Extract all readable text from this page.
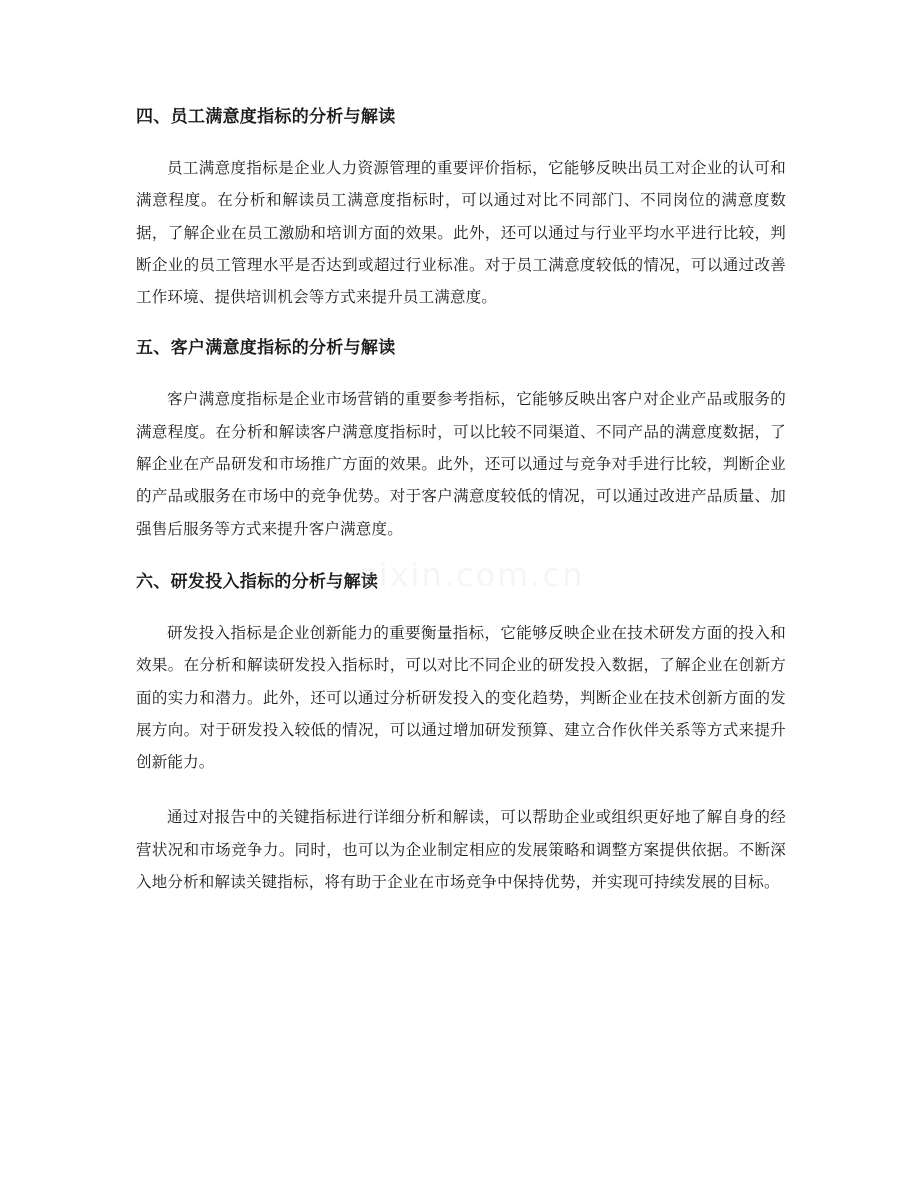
四、员工满意度指标的分析与解读

员工满意度指标是企业人力资源管理的重要评价指标，它能够反映出员工对企业的认可和满意程度。在分析和解读员工满意度指标时，可以通过对比不同部门、不同岗位的满意度数据，了解企业在员工激励和培训方面的效果。此外，还可以通过与行业平均水平进行比较，判断企业的员工管理水平是否达到或超过行业标准。对于员工满意度较低的情况，可以通过改善工作环境、提供培训机会等方式来提升员工满意度。

五、客户满意度指标的分析与解读

客户满意度指标是企业市场营销的重要参考指标，它能够反映出客户对企业产品或服务的满意程度。在分析和解读客户满意度指标时，可以比较不同渠道、不同产品的满意度数据，了解企业在产品研发和市场推广方面的效果。此外，还可以通过与竞争对手进行比较，判断企业的产品或服务在市场中的竞争优势。对于客户满意度较低的情况，可以通过改进产品质量、加强售后服务等方式来提升客户满意度。

六、研发投入指标的分析与解读

研发投入指标是企业创新能力的重要衡量指标，它能够反映企业在技术研发方面的投入和效果。在分析和解读研发投入指标时，可以对比不同企业的研发投入数据，了解企业在创新方面的实力和潜力。此外，还可以通过分析研发投入的变化趋势，判断企业在技术创新方面的发展方向。对于研发投入较低的情况，可以通过增加研发预算、建立合作伙伴关系等方式来提升创新能力。

通过对报告中的关键指标进行详细分析和解读，可以帮助企业或组织更好地了解自身的经营状况和市场竞争力。同时，也可以为企业制定相应的发展策略和调整方案提供依据。不断深入地分析和解读关键指标，将有助于企业在市场竞争中保持优势，并实现可持续发展的目标。

zixin.com.cn
